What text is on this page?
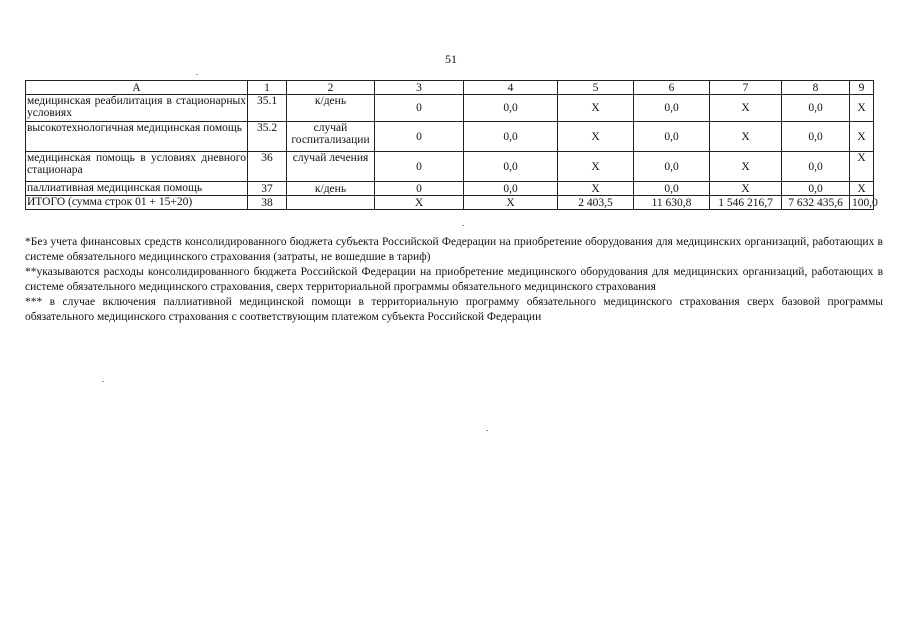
51
А	1	2	3	4	5	6	7	8	9
медицинская реабилитация в стационарных условиях	35.1	к/день	0	0,0	X	0,0	X	0,0	X
высокотехнологичная медицинская помощь	35.2	случай госпитализации	0	0,0	X	0,0	X	0,0	X
медицинская помощь в условиях дневного стационара	36	случай лечения	0	0,0	X	0,0	X	0,0	X
паллиативная медицинская помощь	37	к/день	0	0,0	X	0,0	X	0,0	X
ИТОГО (сумма строк 01 + 15+20)	38		X	X	2 403,5	11 630,8	1 546 216,7	7 632 435,6	100,0

*Без учета финансовых средств консолидированного бюджета субъекта Российской Федерации на приобретение оборудования для медицинских организаций, работающих в системе обязательного медицинского страхования (затраты, не вошедшие в тариф)

**указываются расходы консолидированного бюджета Российской Федерации на приобретение медицинского оборудования для медицинских организаций, работающих в системе обязательного медицинского страхования, сверх территориальной программы обязательного медицинского страхования

*** в случае включения паллиативной медицинской помощи в территориальную программу обязательного медицинского страхования сверх базовой программы обязательного медицинского страхования с соответствующим платежом субъекта Российской Федерации
